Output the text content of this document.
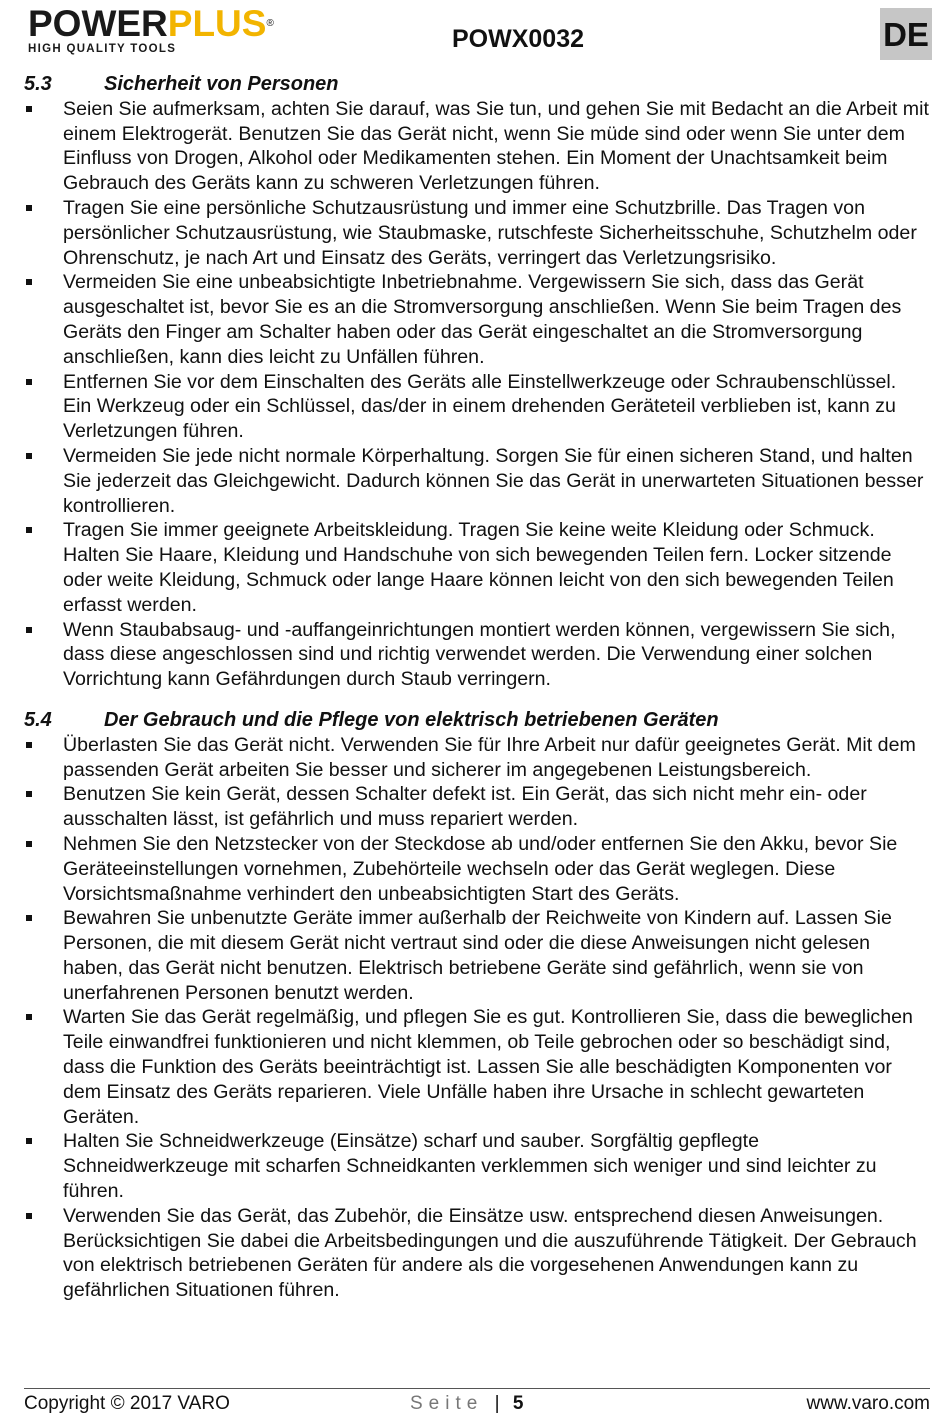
POWERPLUS®
HIGH QUALITY TOOLS	POWX0032	DE
5.3	Sicherheit von Personen
Seien Sie aufmerksam, achten Sie darauf, was Sie tun, und gehen Sie mit Bedacht an die Arbeit mit einem Elektrogerät. Benutzen Sie das Gerät nicht, wenn Sie müde sind oder wenn Sie unter dem Einfluss von Drogen, Alkohol oder Medikamenten stehen. Ein Moment der Unachtsamkeit beim Gebrauch des Geräts kann zu schweren Verletzungen führen.
Tragen Sie eine persönliche Schutzausrüstung und immer eine Schutzbrille. Das Tragen von persönlicher Schutzausrüstung, wie Staubmaske, rutschfeste Sicherheitsschuhe, Schutzhelm oder Ohrenschutz, je nach Art und Einsatz des Geräts, verringert das Verletzungsrisiko.
Vermeiden Sie eine unbeabsichtigte Inbetriebnahme. Vergewissern Sie sich, dass das Gerät ausgeschaltet ist, bevor Sie es an die Stromversorgung anschließen. Wenn Sie beim Tragen des Geräts den Finger am Schalter haben oder das Gerät eingeschaltet an die Stromversorgung anschließen, kann dies leicht zu Unfällen führen.
Entfernen Sie vor dem Einschalten des Geräts alle Einstellwerkzeuge oder Schraubenschlüssel. Ein Werkzeug oder ein Schlüssel, das/der in einem drehenden Geräteteil verblieben ist, kann zu Verletzungen führen.
Vermeiden Sie jede nicht normale Körperhaltung. Sorgen Sie für einen sicheren Stand, und halten Sie jederzeit das Gleichgewicht. Dadurch können Sie das Gerät in unerwarteten Situationen besser kontrollieren.
Tragen Sie immer geeignete Arbeitskleidung. Tragen Sie keine weite Kleidung oder Schmuck. Halten Sie Haare, Kleidung und Handschuhe von sich bewegenden Teilen fern. Locker sitzende oder weite Kleidung, Schmuck oder lange Haare können leicht von den sich bewegenden Teilen erfasst werden.
Wenn Staubabsaug- und -auffangeinrichtungen montiert werden können, vergewissern Sie sich, dass diese angeschlossen sind und richtig verwendet werden. Die Verwendung einer solchen Vorrichtung kann Gefährdungen durch Staub verringern.
5.4	Der Gebrauch und die Pflege von elektrisch betriebenen Geräten
Überlasten Sie das Gerät nicht. Verwenden Sie für Ihre Arbeit nur dafür geeignetes Gerät. Mit dem passenden Gerät arbeiten Sie besser und sicherer im angegebenen Leistungsbereich.
Benutzen Sie kein Gerät, dessen Schalter defekt ist. Ein Gerät, das sich nicht mehr ein- oder ausschalten lässt, ist gefährlich und muss repariert werden.
Nehmen Sie den Netzstecker von der Steckdose ab und/oder entfernen Sie den Akku, bevor Sie Geräteeinstellungen vornehmen, Zubehörteile wechseln oder das Gerät weglegen. Diese Vorsichtsmaßnahme verhindert den unbeabsichtigten Start des Geräts.
Bewahren Sie unbenutzte Geräte immer außerhalb der Reichweite von Kindern auf. Lassen Sie Personen, die mit diesem Gerät nicht vertraut sind oder die diese Anweisungen nicht gelesen haben, das Gerät nicht benutzen. Elektrisch betriebene Geräte sind gefährlich, wenn sie von unerfahrenen Personen benutzt werden.
Warten Sie das Gerät regelmäßig, und pflegen Sie es gut. Kontrollieren Sie, dass die beweglichen Teile einwandfrei funktionieren und nicht klemmen, ob Teile gebrochen oder so beschädigt sind, dass die Funktion des Geräts beeinträchtigt ist. Lassen Sie alle beschädigten Komponenten vor dem Einsatz des Geräts reparieren. Viele Unfälle haben ihre Ursache in schlecht gewarteten Geräten.
Halten Sie Schneidwerkzeuge (Einsätze) scharf und sauber. Sorgfältig gepflegte Schneidwerkzeuge mit scharfen Schneidkanten verklemmen sich weniger und sind leichter zu führen.
Verwenden Sie das Gerät, das Zubehör, die Einsätze usw. entsprechend diesen Anweisungen. Berücksichtigen Sie dabei die Arbeitsbedingungen und die auszuführende Tätigkeit. Der Gebrauch von elektrisch betriebenen Geräten für andere als die vorgesehenen Anwendungen kann zu gefährlichen Situationen führen.
Copyright © 2017 VARO	Seite | 5	www.varo.com
